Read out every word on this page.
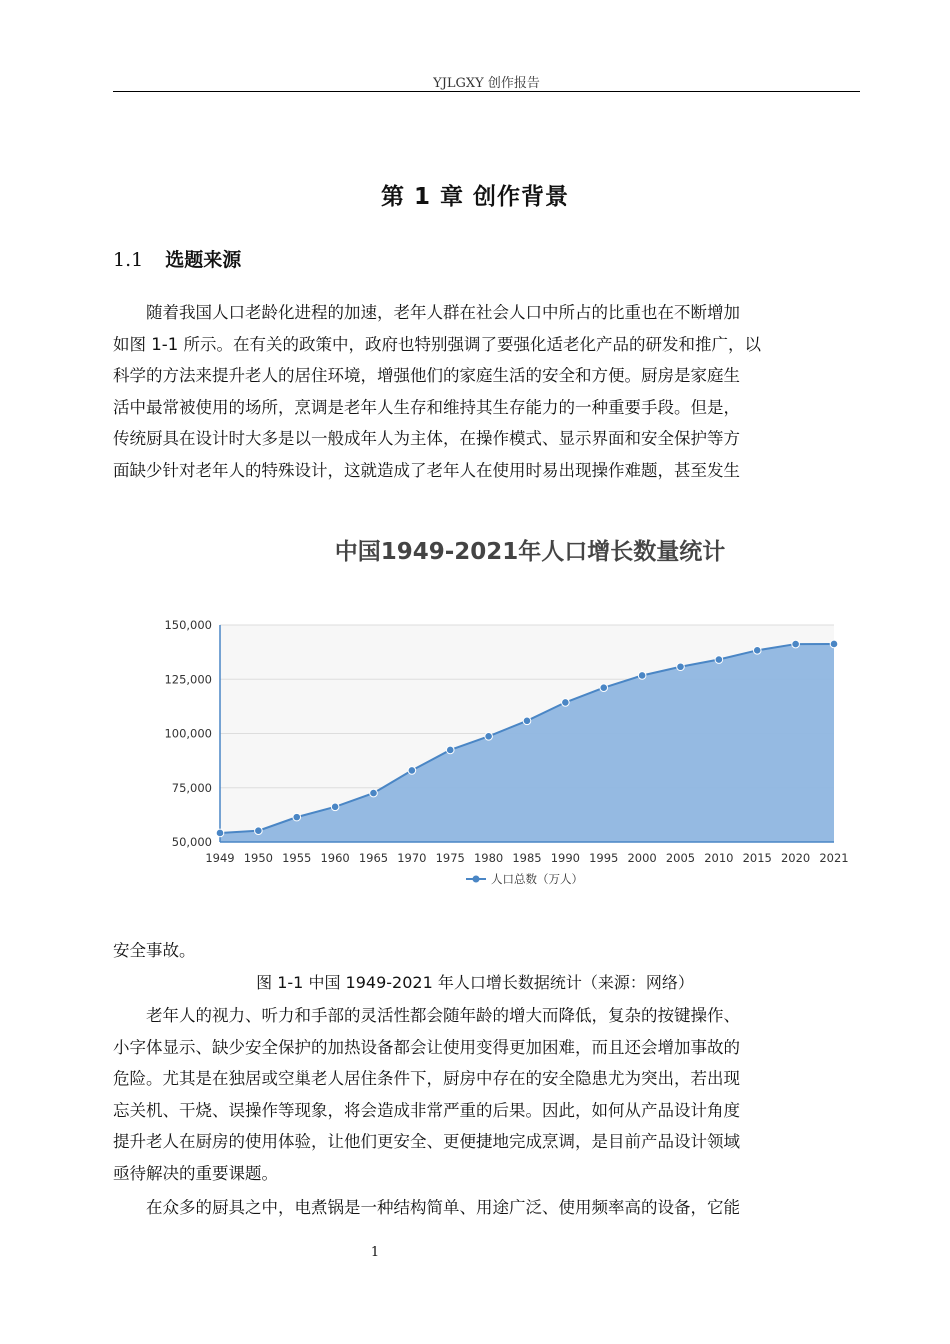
YJLGXY 创作报告
第 1 章 创作背景
1.1 选题来源
随着我国人口老龄化进程的加速，老年人群在社会人口中所占的比重也在不断增加
如图 1-1 所示。在有关的政策中，政府也特别强调了要强化适老化产品的研发和推广，以
科学的方法来提升老人的居住环境，增强他们的家庭生活的安全和方便。厨房是家庭生
活中最常被使用的场所，烹调是老年人生存和维持其生存能力的一种重要手段。但是，
传统厨具在设计时大多是以一般成年人为主体，在操作模式、显示界面和安全保护等方
面缺少针对老年人的特殊设计，这就造成了老年人在使用时易出现操作难题，甚至发生
中国1949-2021年人口增长数量统计
50,000
75,000
100,000
125,000
150,000
1949 1950 1955 1960 1965 1970 1975 1980 1985 1990 1995 2000 2005 2010 2015 2020 2021
人口总数（万人）
安全事故。
图 1-1 中国 1949-2021 年人口增长数据统计（来源：网络）
老年人的视力、听力和手部的灵活性都会随年龄的增大而降低，复杂的按键操作、
小字体显示、缺少安全保护的加热设备都会让使用变得更加困难，而且还会增加事故的
危险。尤其是在独居或空巢老人居住条件下，厨房中存在的安全隐患尤为突出，若出现
忘关机、干烧、误操作等现象，将会造成非常严重的后果。因此，如何从产品设计角度
提升老人在厨房的使用体验，让他们更安全、更便捷地完成烹调，是目前产品设计领域
亟待解决的重要课题。
在众多的厨具之中，电煮锅是一种结构简单、用途广泛、使用频率高的设备，它能
1
